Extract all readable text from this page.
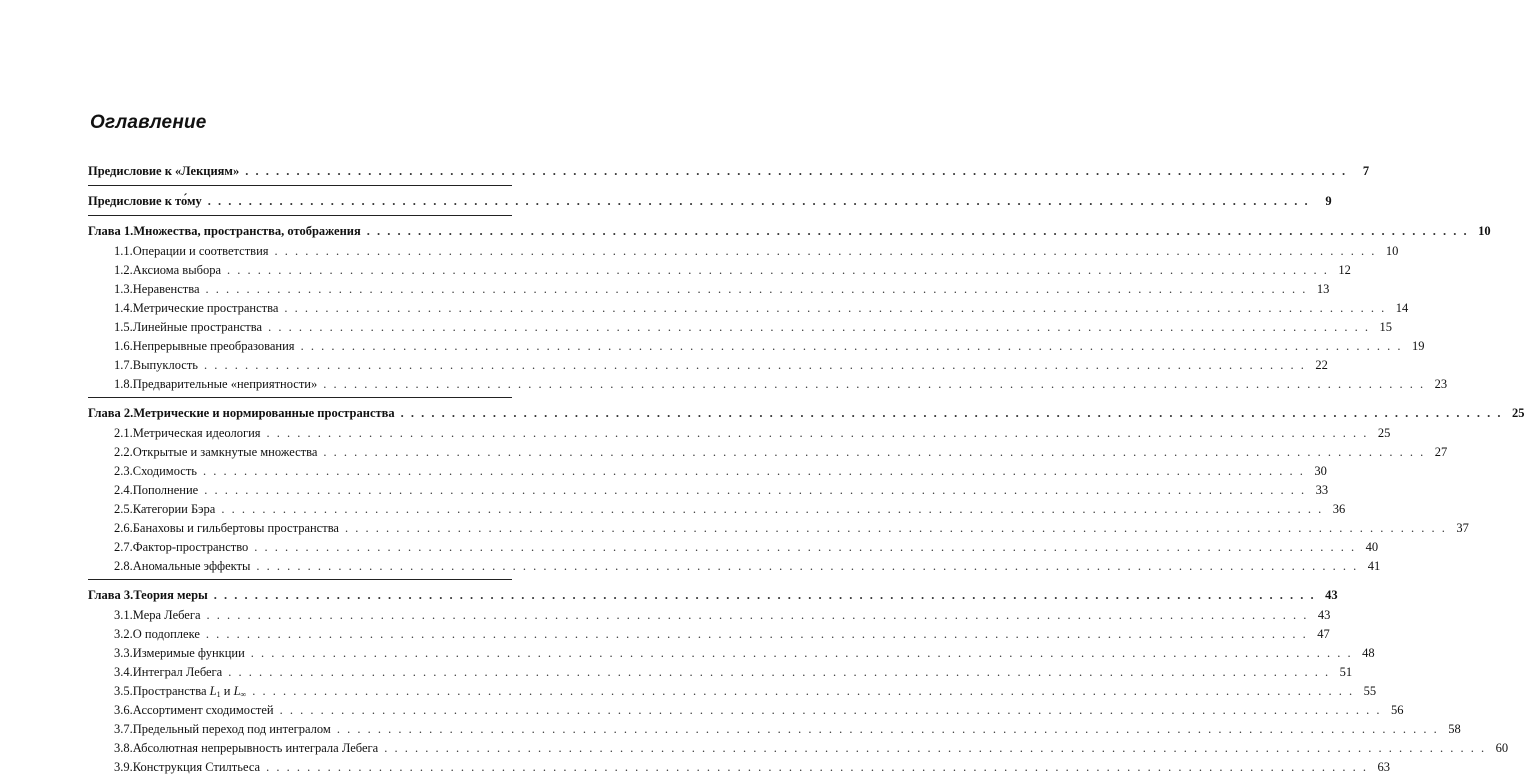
Оглавление
Предисловие к «Лекциям» . . .	7
Предисловие к то́му . . .	9
Глава 1. Множества, пространства, отображения . . .	10
1.1. Операции и соответствия . . .	10
1.2. Аксиома выбора . . .	12
1.3. Неравенства . . .	13
1.4. Метрические пространства . . .	14
1.5. Линейные пространства . . .	15
1.6. Непрерывные преобразования . . .	19
1.7. Выпуклость . . .	22
1.8. Предварительные «неприятности» . . .	23
Глава 2. Метрические и нормированные пространства . . .	25
2.1. Метрическая идеология . . .	25
2.2. Открытые и замкнутые множества . . .	27
2.3. Сходимость . . .	30
2.4. Пополнение . . .	33
2.5. Категории Бэра . . .	36
2.6. Банаховы и гильбертовы пространства . . .	37
2.7. Фактор-пространство . . .	40
2.8. Аномальные эффекты . . .	41
Глава 3. Теория меры . . .	43
3.1. Мера Лебега . . .	43
3.2. О подоплеке . . .	47
3.3. Измеримые функции . . .	48
3.4. Интеграл Лебега . . .	51
3.5. Пространства $L_1$ и $L_\infty$ . . .	55
3.6. Ассортимент сходимостей . . .	56
3.7. Предельный переход под интегралом . . .	58
3.8. Абсолютная непрерывность интеграла Лебега . . .	60
3.9. Конструкция Стилтьеса . . .	63
